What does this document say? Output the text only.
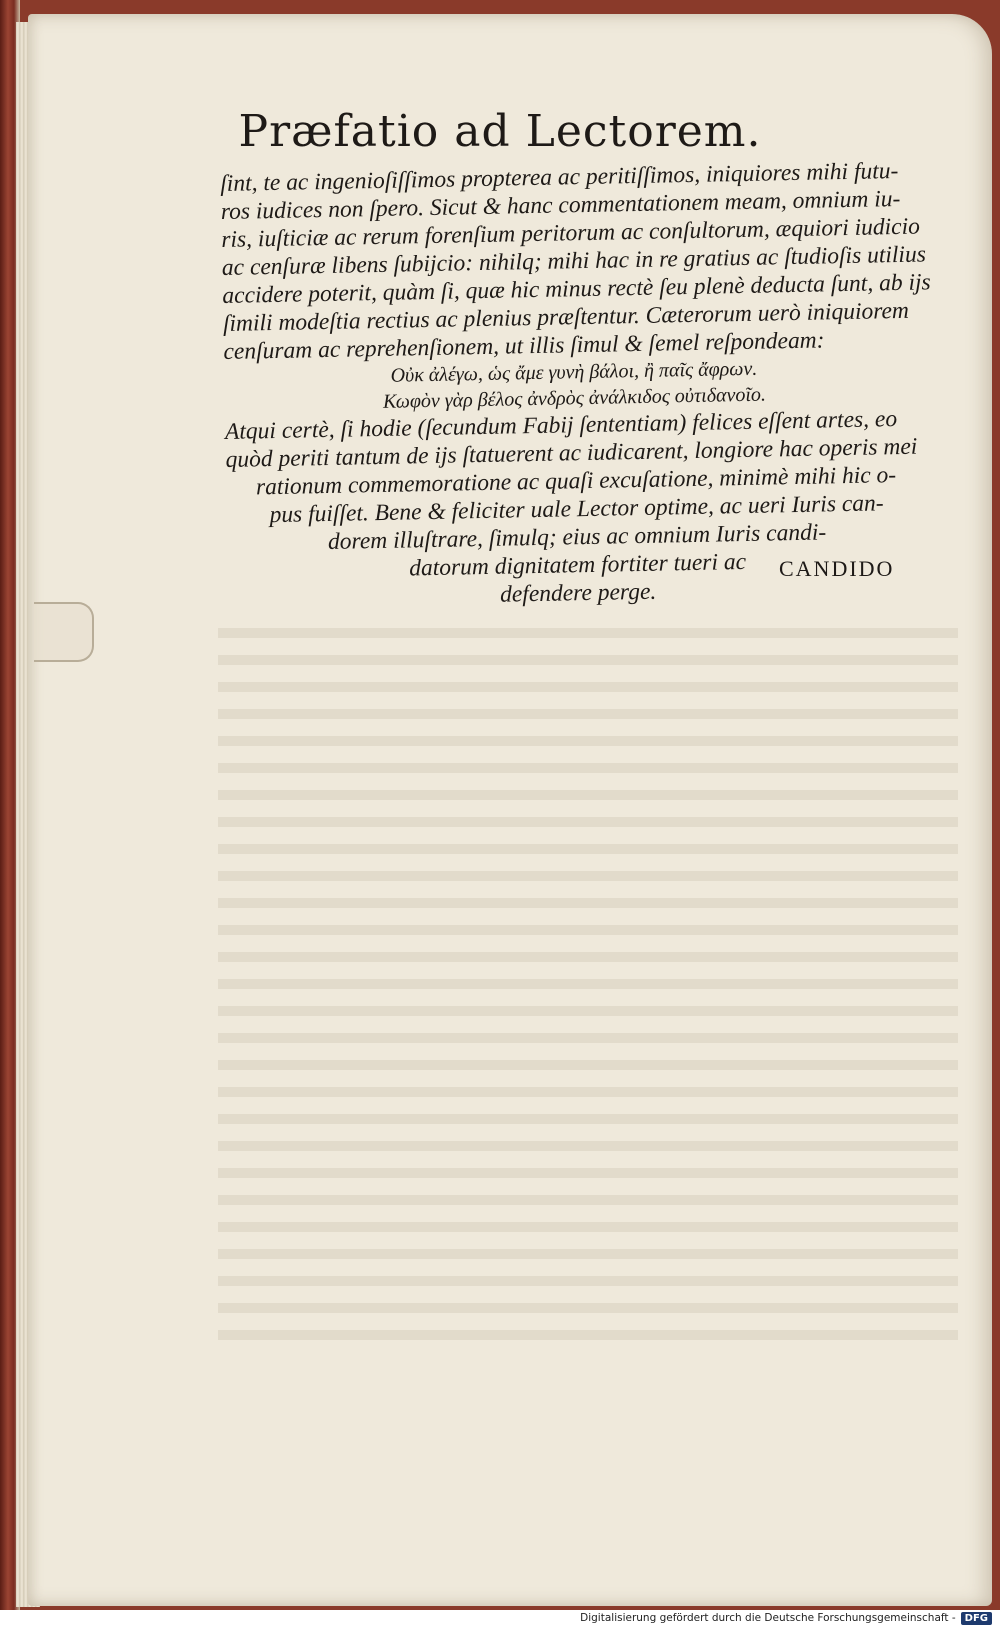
Præfatio ad Lectorem.
ſint, te ac ingenioſiſſimos propterea ac peritiſſimos, iniquiores mihi futu-
ros iudices non ſpero. Sicut & hanc commentationem meam, omnium iu-
ris, iuſticiæ ac rerum forenſium peritorum ac conſultorum, æquiori iudicio
ac cenſuræ libens ſubijcio: nihilq; mihi hac in re gratius ac ſtudioſis utilius
accidere poterit, quàm ſi, quæ hic minus rectè ſeu plenè deducta ſunt, ab ijs
ſimili modeſtia rectius ac plenius præſtentur. Cæterorum uerò iniquiorem
cenſuram ac reprehenſionem, ut illis ſimul & ſemel reſpondeam:
Οὐκ ἀλέγω, ὡς ἄμε γυνὴ βάλοι, ἢ παῖς ἄφρων.
Κωφὸν γὰρ βέλος ἀνδρὸς ἀνάλκιδος οὐτιδανοῖο.
Atqui certè, ſi hodie (ſecundum Fabij ſententiam) felices eſſent artes, eo
quòd periti tantum de ijs ſtatuerent ac iudicarent, longiore hac operis mei
rationum commemoratione ac quaſi excuſatione, minimè mihi hic o-
pus fuiſſet. Bene & feliciter uale Lector optime, ac ueri Iuris can-
dorem illuſtrare, ſimulq; eius ac omnium Iuris candi-
datorum dignitatem fortiter tueri ac
defendere perge.
CANDIDO
Digitalisierung gefördert durch die Deutsche Forschungsgemeinschaft - DFG
